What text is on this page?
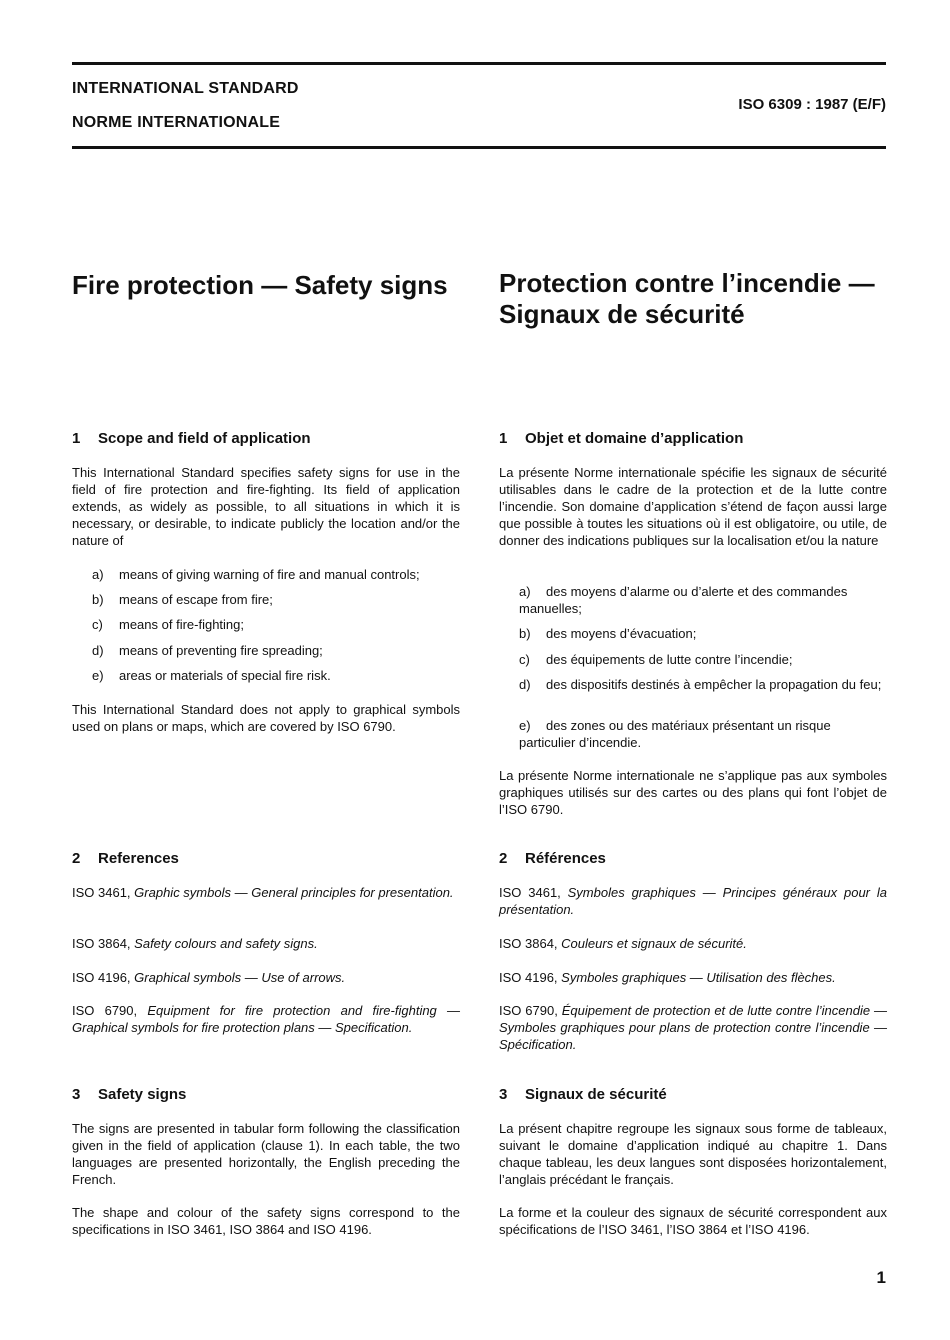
INTERNATIONAL STANDARD
NORME INTERNATIONALE
ISO 6309 : 1987 (E/F)
Fire protection — Safety signs	Protection contre l’incendie —
Signaux de sécurité
1 Scope and field of application

This International Standard specifies safety signs for use in the field of fire protection and fire-fighting. Its field of application extends, as widely as possible, to all situations in which it is necessary, or desirable, to indicate publicly the location and/or the nature of

a) means of giving warning of fire and manual controls;
b) means of escape from fire;
c) means of fire-fighting;
d) means of preventing fire spreading;
e) areas or materials of special fire risk.

This International Standard does not apply to graphical symbols used on plans or maps, which are covered by ISO 6790.

2 References

ISO 3461, Graphic symbols — General principles for presentation.

ISO 3864, Safety colours and safety signs.

ISO 4196, Graphical symbols — Use of arrows.

ISO 6790, Equipment for fire protection and fire-fighting — Graphical symbols for fire protection plans — Specification.

3 Safety signs

The signs are presented in tabular form following the classification given in the field of application (clause 1). In each table, the two languages are presented horizontally, the English preceding the French.

The shape and colour of the safety signs correspond to the specifications in ISO 3461, ISO 3864 and ISO 4196.

1 Objet et domaine d’application

La présente Norme internationale spécifie les signaux de sécurité utilisables dans le cadre de la protection et de la lutte contre l’incendie. Son domaine d’application s’étend de façon aussi large que possible à toutes les situations où il est obligatoire, ou utile, de donner des indications publiques sur la localisation et/ou la nature

a) des moyens d’alarme ou d’alerte et des commandes manuelles;
b) des moyens d’évacuation;
c) des équipements de lutte contre l’incendie;
d) des dispositifs destinés à empêcher la propagation du feu;
e) des zones ou des matériaux présentant un risque particulier d’incendie.

La présente Norme internationale ne s’applique pas aux symboles graphiques utilisés sur des cartes ou des plans qui font l’objet de l’ISO 6790.

2 Références

ISO 3461, Symboles graphiques — Principes généraux pour la présentation.

ISO 3864, Couleurs et signaux de sécurité.

ISO 4196, Symboles graphiques — Utilisation des flèches.

ISO 6790, Équipement de protection et de lutte contre l’incendie — Symboles graphiques pour plans de protection contre l’incendie — Spécification.

3 Signaux de sécurité

La présent chapitre regroupe les signaux sous forme de tableaux, suivant le domaine d’application indiqué au chapitre 1. Dans chaque tableau, les deux langues sont disposées horizontalement, l’anglais précédant le français.

La forme et la couleur des signaux de sécurité correspondent aux spécifications de l’ISO 3461, l’ISO 3864 et l’ISO 4196.

1
